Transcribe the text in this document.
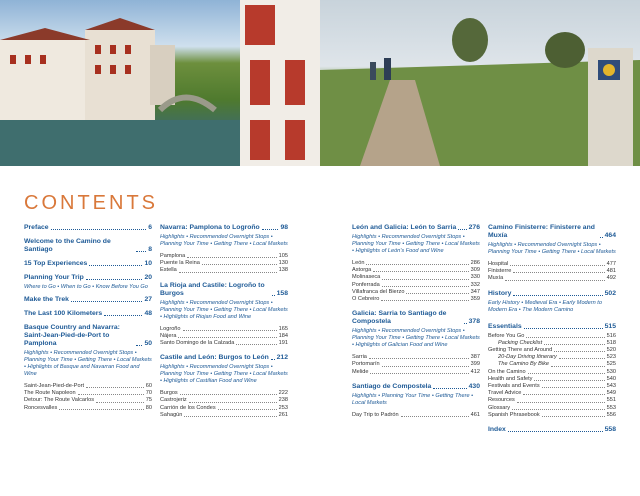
CONTENTS
Preface	6
Welcome to the Camino de Santiago	8
15 Top Experiences	10
Planning Your Trip	20
Where to Go • When to Go • Know Before You Go
Make the Trek	27
The Last 100 Kilometers	48
Basque Country and Navarra: Saint-Jean-Pied-de-Port to Pamplona	50
Highlights • Recommended Overnight Stops • Planning Your Time • Getting There • Local Markets • Highlights of Basque and Navarran Food and Wine
Saint-Jean-Pied-de-Port	60
The Route Napoleon	70
Detour: The Route Valcarlos	75
Roncesvalles	80
Navarra: Pamplona to Logroño	98
Highlights • Recommended Overnight Stops • Planning Your Time • Getting There • Local Markets
Pamplona	105
Puente la Reina	130
Estella	138
La Rioja and Castile: Logroño to Burgos	158
Highlights • Recommended Overnight Stops • Planning Your Time • Getting There • Local Markets • Highlights of Riojan Food and Wine
Logroño	165
Nájera	184
Santo Domingo de la Calzada	191
Castile and León: Burgos to León 212
Highlights • Recommended Overnight Stops • Planning Your Time • Getting There • Local Markets • Highlights of Castilian Food and Wine
Burgos	222
Castrojeriz	238
Carrión de los Condes	253
Sahagún	261
León and Galicia: León to Sarria 276
Highlights • Recommended Overnight Stops • Planning Your Time • Getting There • Local Markets • Highlights of León's Food and Wine
León	286
Astorga	309
Molinaseca	330
Ponferrada	332
Villafranca del Bierzo	347
O Cebreiro	359
Galicia: Sarria to Santiago de Compostela	378
Highlights • Recommended Overnight Stops • Planning Your Time • Getting There • Local Markets • Highlights of Galician Food and Wine
Sarria	387
Portomarín	399
Melide	412
Santiago de Compostela	430
Highlights • Planning Your Time • Getting There • Local Markets
Day Trip to Padrón	461
Camino Finisterre: Finisterre and Muxía	464
Highlights • Recommended Overnight Stops • Planning Your Time • Getting There • Local Markets
Hospital	477
Finisterre	481
Muxía	492
History	502
Early History • Medieval Era • Early Modern to Modern Era • The Modern Camino
Essentials	515
Before You Go	516
Packing Checklist	518
Getting There and Around	520
20-Day Driving Itinerary	523
The Camino By Bike	525
On the Camino	530
Health and Safety	540
Festivals and Events	543
Travel Advice	549
Resources	551
Glossary	553
Spanish Phrasebook	556
Index	558
